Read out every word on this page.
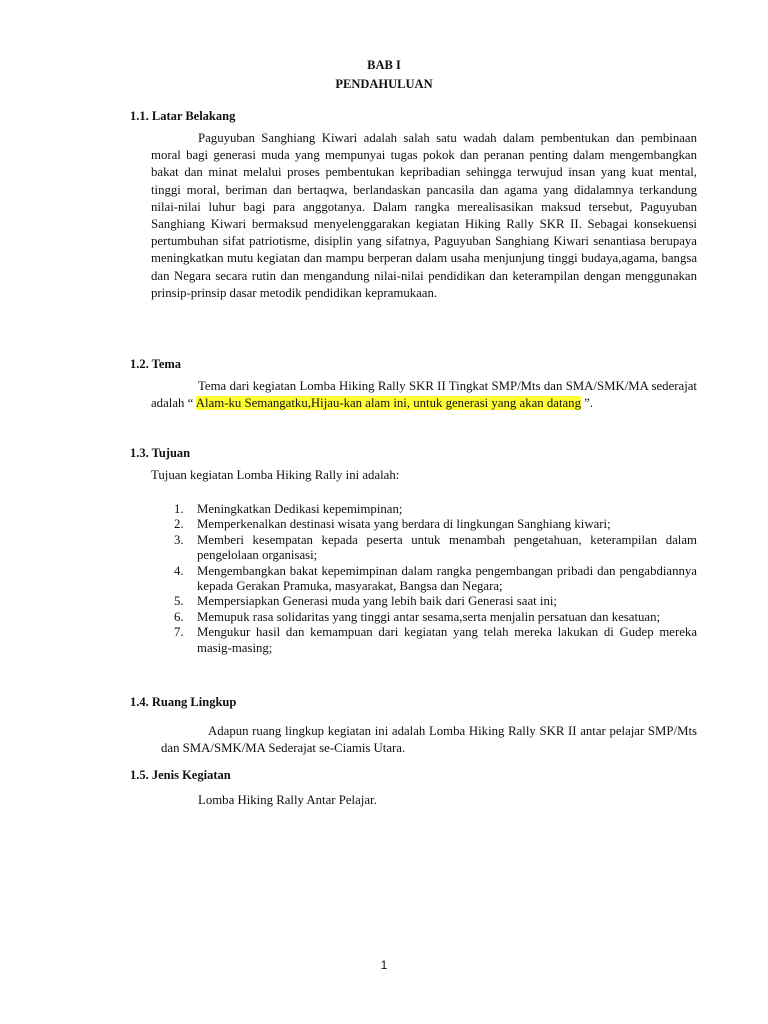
BAB I
PENDAHULUAN
1.1. Latar Belakang

Paguyuban Sanghiang Kiwari adalah salah satu wadah dalam pembentukan dan pembinaan moral bagi generasi muda yang mempunyai tugas pokok dan peranan penting dalam mengembangkan bakat dan minat melalui proses pembentukan kepribadian sehingga terwujud insan yang kuat mental, tinggi moral, beriman dan bertaqwa, berlandaskan pancasila dan agama yang didalamnya terkandung nilai-nilai luhur bagi para anggotanya. Dalam rangka merealisasikan maksud tersebut, Paguyuban Sanghiang Kiwari bermaksud menyelenggarakan kegiatan Hiking Rally SKR II. Sebagai konsekuensi pertumbuhan sifat patriotisme, disiplin yang sifatnya, Paguyuban Sanghiang Kiwari senantiasa berupaya meningkatkan mutu kegiatan dan mampu berperan dalam usaha menjunjung tinggi budaya,agama, bangsa dan Negara secara rutin dan mengandung nilai-nilai pendidikan dan keterampilan dengan menggunakan prinsip-prinsip dasar metodik pendidikan kepramukaan.

1.2. Tema

Tema dari kegiatan Lomba Hiking Rally SKR II Tingkat SMP/Mts dan SMA/SMK/MA sederajat adalah “ Alam-ku Semangatku,Hijau-kan alam ini, untuk generasi yang akan datang ”.

1.3. Tujuan

Tujuan kegiatan Lomba Hiking Rally ini adalah:

1. Meningkatkan Dedikasi kepemimpinan;
2. Memperkenalkan destinasi wisata yang berdara di lingkungan Sanghiang kiwari;
3. Memberi kesempatan kepada peserta untuk menambah pengetahuan, keterampilan dalam pengelolaan organisasi;
4. Mengembangkan bakat kepemimpinan dalam rangka pengembangan pribadi dan pengabdiannya kepada Gerakan Pramuka, masyarakat, Bangsa dan Negara;
5. Mempersiapkan Generasi muda yang lebih baik dari Generasi saat ini;
6. Memupuk rasa solidaritas yang tinggi antar sesama,serta menjalin persatuan dan kesatuan;
7. Mengukur hasil dan kemampuan dari kegiatan yang telah mereka lakukan di Gudep mereka masig-masing;
1.4. Ruang Lingkup

Adapun ruang lingkup kegiatan ini adalah Lomba Hiking Rally SKR II antar pelajar SMP/Mts dan SMA/SMK/MA Sederajat se-Ciamis Utara.

1.5. Jenis Kegiatan

Lomba Hiking Rally Antar Pelajar.

1
